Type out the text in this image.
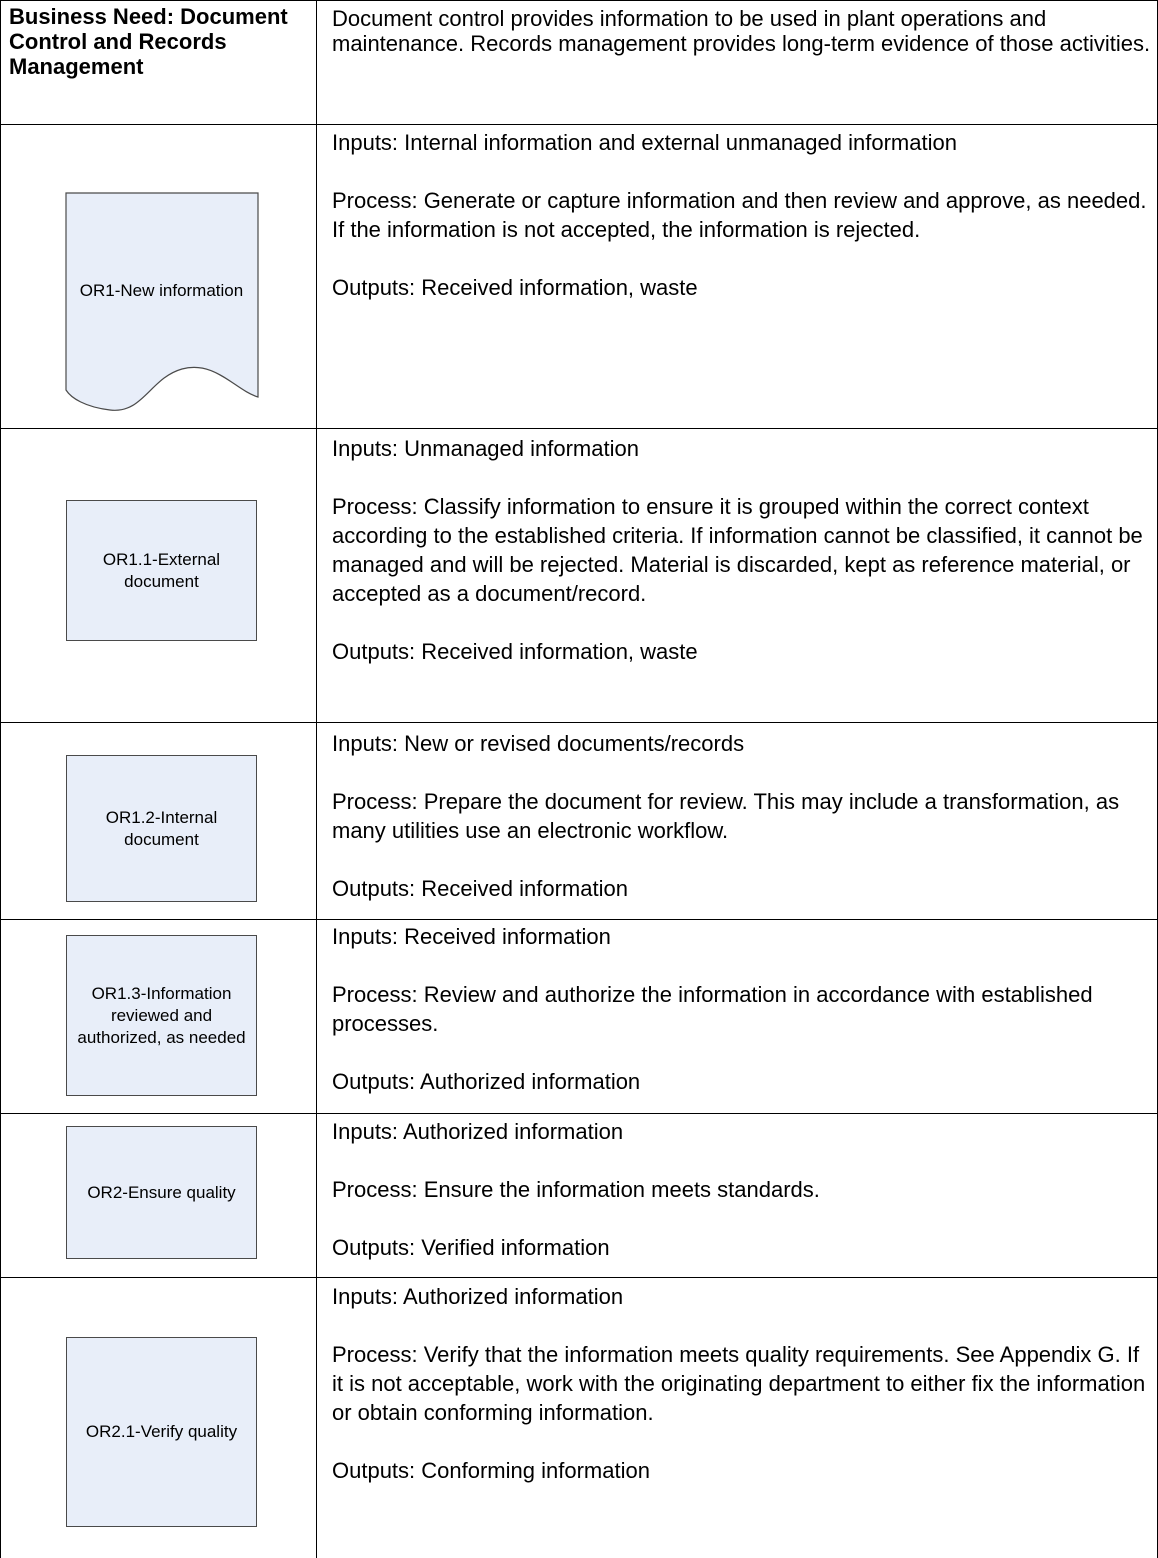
Business Need: Document Control and Records Management
Document control provides information to be used in plant operations and maintenance. Records management provides long-term evidence of those activities.
OR1-New information

Inputs: Internal information and external unmanaged information

Process: Generate or capture information and then review and approve, as needed. If the information is not accepted, the information is rejected.

Outputs: Received information, waste

OR1.1-External document

Inputs: Unmanaged information

Process: Classify information to ensure it is grouped within the correct context according to the established criteria. If information cannot be classified, it cannot be managed and will be rejected. Material is discarded, kept as reference material, or accepted as a document/record.

Outputs: Received information, waste

OR1.2-Internal document

Inputs: New or revised documents/records

Process: Prepare the document for review. This may include a transformation, as many utilities use an electronic workflow.

Outputs: Received information

OR1.3-Information reviewed and authorized, as needed

Inputs: Received information

Process: Review and authorize the information in accordance with established processes.

Outputs: Authorized information

OR2-Ensure quality

Inputs: Authorized information

Process: Ensure the information meets standards.

Outputs: Verified information

OR2.1-Verify quality

Inputs: Authorized information

Process: Verify that the information meets quality requirements. See Appendix G. If it is not acceptable, work with the originating department to either fix the information or obtain conforming information.

Outputs: Conforming information
